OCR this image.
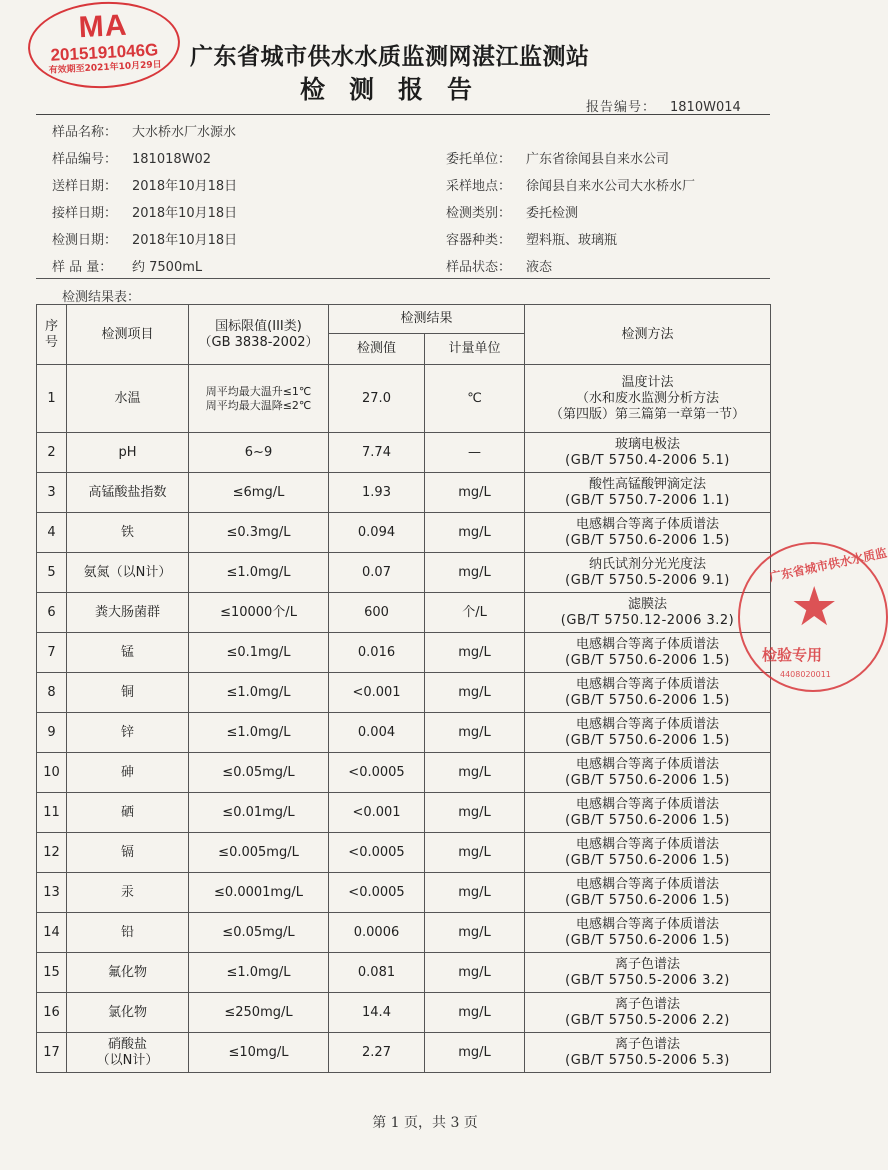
MA
2015191046G
有效期至2021年10月29日	广东省城市供水水质监测网湛江监测站
检测报告
报告编号： 1810W014
样品名称： 大水桥水厂水源水
样品编号： 181018W02
送样日期： 2018年10月18日
接样日期： 2018年10月18日
检测日期： 2018年10月18日
样 品 量： 约 7500mL
委托单位： 广东省徐闻县自来水公司
采样地点： 徐闻县自来水公司大水桥水厂
检测类别： 委托检测
容器种类： 塑料瓶、玻璃瓶
样品状态： 液态
检测结果表：
序号	检测项目	国标限值(III类)
（GB 3838-2002）	检测结果		检测方法
			检测值	计量单位	
1	水温	周平均最大温升≤1℃
周平均最大温降≤2℃	27.0	℃	温度计法
（水和废水监测分析方法
（第四版）第三篇第一章第一节）

2	pH	6~9	7.74	—	玻璃电极法
(GB/T 5750.4-2006 5.1)

3	高锰酸盐指数	≤6mg/L	1.93	mg/L	酸性高锰酸钾滴定法
(GB/T 5750.7-2006 1.1)

4	铁	≤0.3mg/L	0.094	mg/L	电感耦合等离子体质谱法
(GB/T 5750.6-2006 1.5)

5	氨氮（以N计）	≤1.0mg/L	0.07	mg/L	纳氏试剂分光光度法
(GB/T 5750.5-2006 9.1)

6	粪大肠菌群	≤10000个/L	600	个/L	滤膜法
(GB/T 5750.12-2006 3.2)

7	锰	≤0.1mg/L	0.016	mg/L	电感耦合等离子体质谱法
(GB/T 5750.6-2006 1.5)

8	铜	≤1.0mg/L	<0.001	mg/L	电感耦合等离子体质谱法
(GB/T 5750.6-2006 1.5)

9	锌	≤1.0mg/L	0.004	mg/L	电感耦合等离子体质谱法
(GB/T 5750.6-2006 1.5)

10	砷	≤0.05mg/L	<0.0005	mg/L	电感耦合等离子体质谱法
(GB/T 5750.6-2006 1.5)

11	硒	≤0.01mg/L	<0.001	mg/L	电感耦合等离子体质谱法
(GB/T 5750.6-2006 1.5)

12	镉	≤0.005mg/L	<0.0005	mg/L	电感耦合等离子体质谱法
(GB/T 5750.6-2006 1.5)

13	汞	≤0.0001mg/L	<0.0005	mg/L	电感耦合等离子体质谱法
(GB/T 5750.6-2006 1.5)

14	铅	≤0.05mg/L	0.0006	mg/L	电感耦合等离子体质谱法
(GB/T 5750.6-2006 1.5)

15	氟化物	≤1.0mg/L	0.081	mg/L	离子色谱法
(GB/T 5750.5-2006 3.2)

16	氯化物	≤250mg/L	14.4	mg/L	离子色谱法
(GB/T 5750.5-2006 2.2)

17	硝酸盐
（以N计）	≤10mg/L	2.27	mg/L	离子色谱法
(GB/T 5750.5-2006 5.3)
广东省城市供水水质监
★
检验专用
4408020011
第 1 页，共 3 页
